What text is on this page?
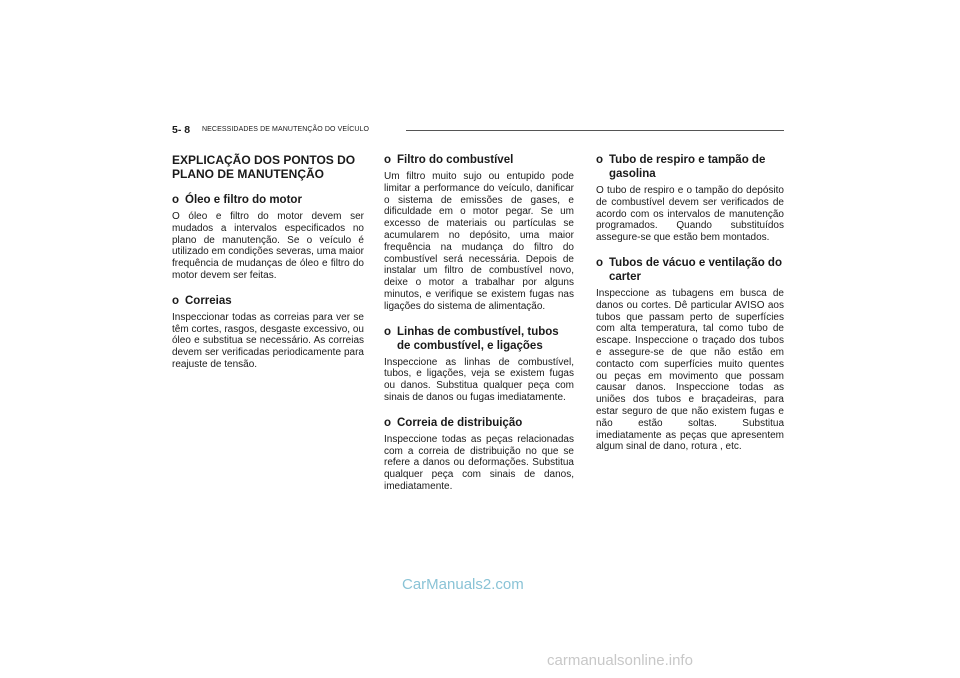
5- 8 NECESSIDADES DE MANUTENÇÃO DO VEÍCULO
EXPLICAÇÃO DOS PONTOS DO PLANO DE MANUTENÇÃO
o Óleo e filtro do motor

O óleo e filtro do motor devem ser mudados a intervalos especificados no plano de manutenção. Se o veículo é utilizado em condições severas, uma maior frequência de mudanças de óleo e filtro do motor devem ser feitas.

o Correias

Inspeccionar todas as correias para ver se têm cortes, rasgos, desgaste excessivo, ou óleo e substitua se necessário. As correias devem ser verificadas periodicamente para reajuste de tensão.

o Filtro do combustível

Um filtro muito sujo ou entupido pode limitar a performance do veículo, danificar o sistema de emissões de gases, e dificuldade em o motor pegar. Se um excesso de materiais ou partículas se acumularem no depósito, uma maior frequência na mudança do filtro do combustível será necessária. Depois de instalar um filtro de combustível novo, deixe o motor a trabalhar por alguns minutos, e verifique se existem fugas nas ligações do sistema de alimentação.

o Linhas de combustível, tubos de combustível, e ligações

Inspeccione as linhas de combustível, tubos, e ligações, veja se existem fugas ou danos. Substitua qualquer peça com sinais de danos ou fugas imediatamente.

o Correia de distribuição

Inspeccione todas as peças relacionadas com a correia de distribuição no que se refere a danos ou deformações. Substitua qualquer peça com sinais de danos, imediatamente.

o Tubo de respiro e tampão de gasolina

O tubo de respiro e o tampão do depósito de combustível devem ser verificados de acordo com os intervalos de manutenção programados. Quando substituídos assegure-se que estão bem montados.

o Tubos de vácuo e ventilação do carter

Inspeccione as tubagens em busca de danos ou cortes. Dê particular AVISO aos tubos que passam perto de superfícies com alta temperatura, tal como tubo de escape. Inspeccione o traçado dos tubos e assegure-se de que não estão em contacto com superfícies muito quentes ou peças em movimento que possam causar danos. Inspeccione todas as uniões dos tubos e braçadeiras, para estar seguro de que não existem fugas e não estão soltas. Substitua imediatamente as peças que apresentem algum sinal de dano, rotura , etc.

CarManuals2.com
carmanualsonline.info
